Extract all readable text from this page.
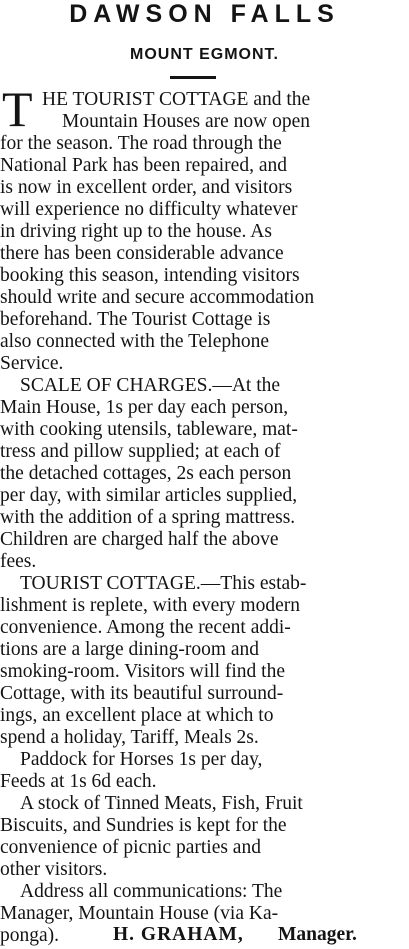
DAWSON FALLS
MOUNT EGMONT.
T HE TOURIST COTTAGE and the
Mountain Houses are now open
for the season. The road through the
National Park has been repaired, and
is now in excellent order, and visitors
will experience no difficulty whatever
in driving right up to the house. As
there has been considerable advance
booking this season, intending visitors
should write and secure accommodation
beforehand. The Tourist Cottage is
also connected with the Telephone
Service.
SCALE OF CHARGES.—At the
Main House, 1s per day each person,
with cooking utensils, tableware, mat-
tress and pillow supplied; at each of
the detached cottages, 2s each person
per day, with similar articles supplied,
with the addition of a spring mattress.
Children are charged half the above
fees.
TOURIST COTTAGE.—This estab-
lishment is replete, with every modern
convenience. Among the recent addi-
tions are a large dining-room and
smoking-room. Visitors will find the
Cottage, with its beautiful surround-
ings, an excellent place at which to
spend a holiday, Tariff, Meals 2s.
Paddock for Horses 1s per day,
Feeds at 1s 6d each.
A stock of Tinned Meats, Fish, Fruit
Biscuits, and Sundries is kept for the
convenience of picnic parties and
other visitors.
Address all communications: The
Manager, Mountain House (via Ka-
ponga).	H. GRAHAM, Manager.
